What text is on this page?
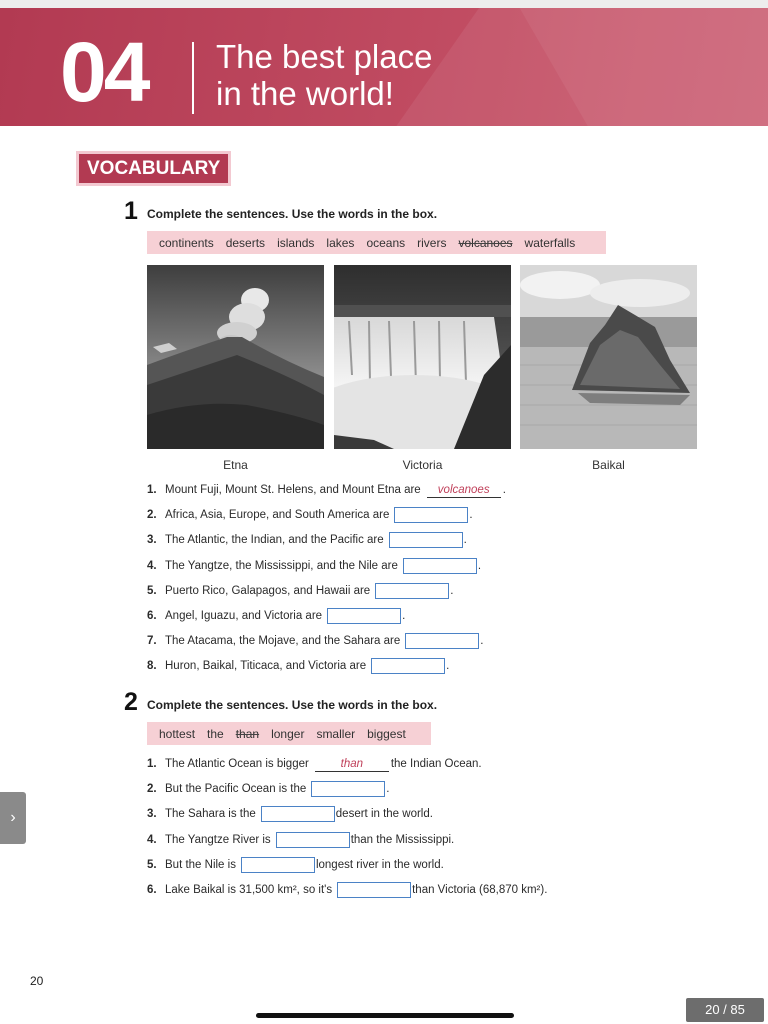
04 The best place
in the world!
VOCABULARY
1 Complete the sentences. Use the words in the box.
continents deserts islands lakes oceans rivers volcanoes waterfalls
Etna	Victoria	Baikal
1. Mount Fuji, Mount St. Helens, and Mount Etna are	volcanoes	.
2. Africa, Asia, Europe, and South America are	.
3. The Atlantic, the Indian, and the Pacific are	.
4. The Yangtze, the Mississippi, and the Nile are	.
5. Puerto Rico, Galapagos, and Hawaii are	.
6. Angel, Iguazu, and Victoria are	.
7. The Atacama, the Mojave, and the Sahara are	.
8. Huron, Baikal, Titicaca, and Victoria are	.
2 Complete the sentences. Use the words in the box.
hottest the than longer smaller biggest
1. The Atlantic Ocean is bigger	than	the Indian Ocean.
2. But the Pacific Ocean is the	.
3. The Sahara is the	desert in the world.
4. The Yangtze River is	than the Mississippi.
5. But the Nile is	longest river in the world.
6. Lake Baikal is 31,500 km², so it's	than Victoria (68,870 km²).
›
20
20 / 85
